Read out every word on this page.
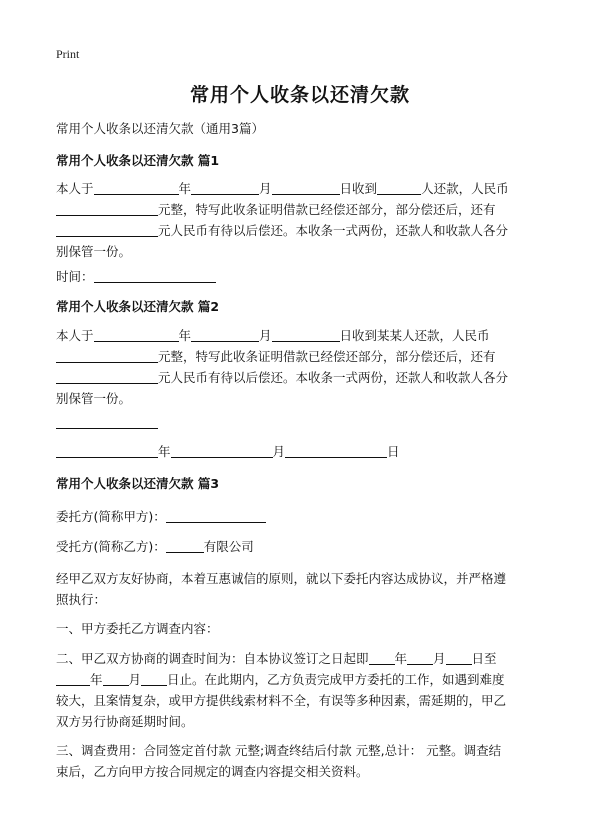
Print
常用个人收条以还清欠款
常用个人收条以还清欠款（通用3篇）
常用个人收条以还清欠款 篇1
本人于	年	月	日收到	人还款，人民币
元整，特写此收条证明借款已经偿还部分，部分偿还后，还有
元人民币有待以后偿还。本收条一式两份，还款人和收款人各分
别保管一份。
时间：
常用个人收条以还清欠款 篇2
本人于	年	月	日收到某某人还款，人民币
元整，特写此收条证明借款已经偿还部分，部分偿还后，还有
元人民币有待以后偿还。本收条一式两份，还款人和收款人各分
别保管一份。
年	月	日
常用个人收条以还清欠款 篇3
委托方(简称甲方)：
受托方(简称乙方)：	有限公司
经甲乙双方友好协商，本着互惠诚信的原则，就以下委托内容达成协议，并严格遵
照执行：
一、甲方委托乙方调查内容：
二、甲乙双方协商的调查时间为：自本协议签订之日起即 年 月 日至
年 月 日止。在此期内，乙方负责完成甲方委托的工作，如遇到难度
较大，且案情复杂，或甲方提供线索材料不全，有误等多种因素，需延期的，甲乙
双方另行协商延期时间。
三、调查费用：合同签定首付款 元整;调查终结后付款 元整,总计： 元整。调查结
束后，乙方向甲方按合同规定的调查内容提交相关资料。
